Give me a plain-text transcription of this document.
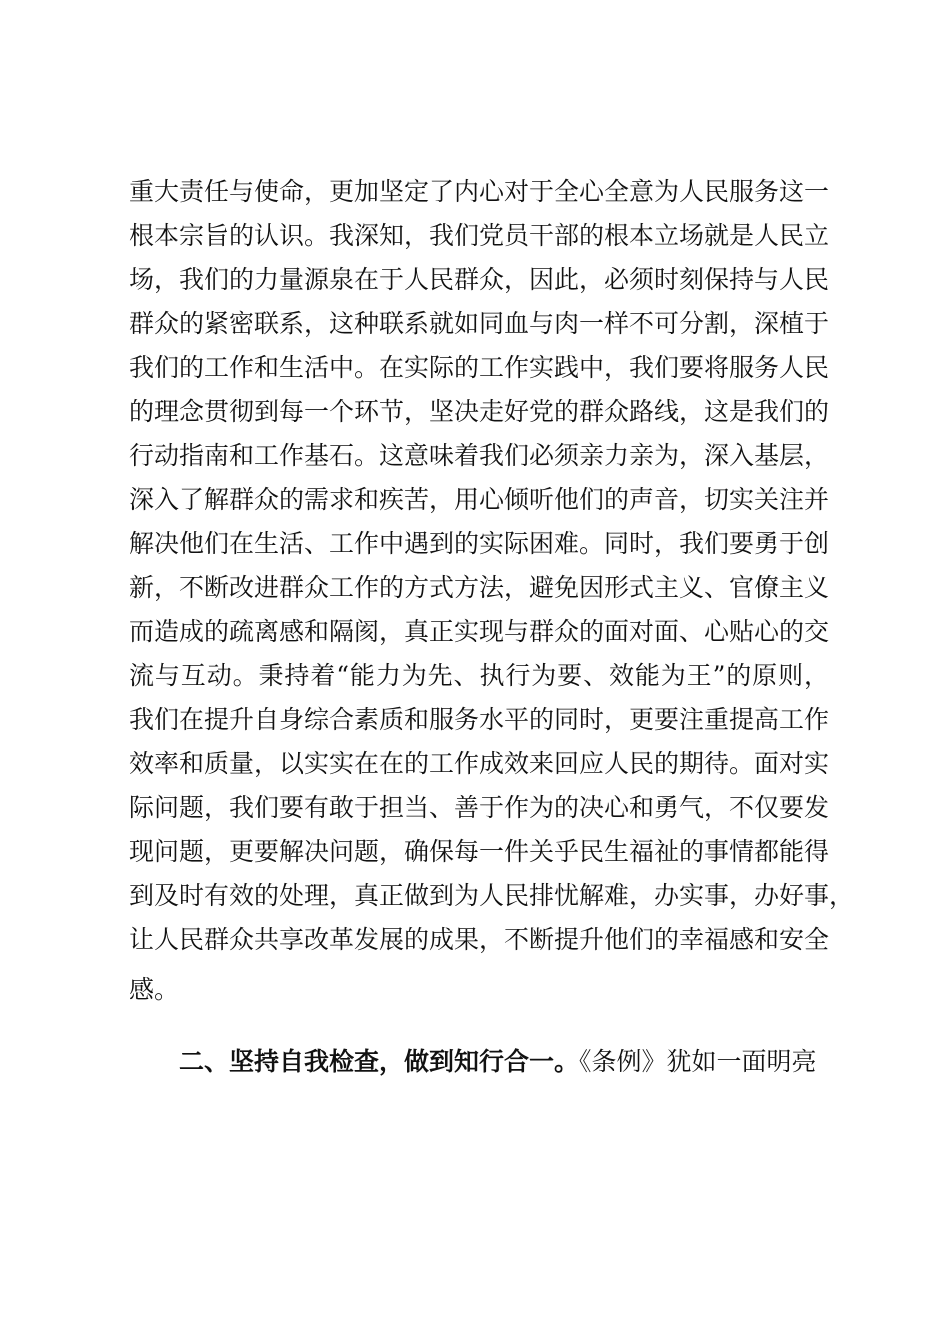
重大责任与使命，更加坚定了内心对于全心全意为人民服务这一
根本宗旨的认识。我深知，我们党员干部的根本立场就是人民立
场，我们的力量源泉在于人民群众，因此，必须时刻保持与人民
群众的紧密联系，这种联系就如同血与肉一样不可分割，深植于
我们的工作和生活中。在实际的工作实践中，我们要将服务人民
的理念贯彻到每一个环节，坚决走好党的群众路线，这是我们的
行动指南和工作基石。这意味着我们必须亲力亲为，深入基层，
深入了解群众的需求和疾苦，用心倾听他们的声音，切实关注并
解决他们在生活、工作中遇到的实际困难。同时，我们要勇于创
新，不断改进群众工作的方式方法，避免因形式主义、官僚主义
而造成的疏离感和隔阂，真正实现与群众的面对面、心贴心的交
流与互动。秉持着“能力为先、执行为要、效能为王”的原则，
我们在提升自身综合素质和服务水平的同时，更要注重提高工作
效率和质量，以实实在在的工作成效来回应人民的期待。面对实
际问题，我们要有敢于担当、善于作为的决心和勇气，不仅要发
现问题，更要解决问题，确保每一件关乎民生福祉的事情都能得
到及时有效的处理，真正做到为人民排忧解难，办实事，办好事，
让人民群众共享改革发展的成果，不断提升他们的幸福感和安全
感。
二、坚持自我检查，做到知行合一。《条例》犹如一面明亮
